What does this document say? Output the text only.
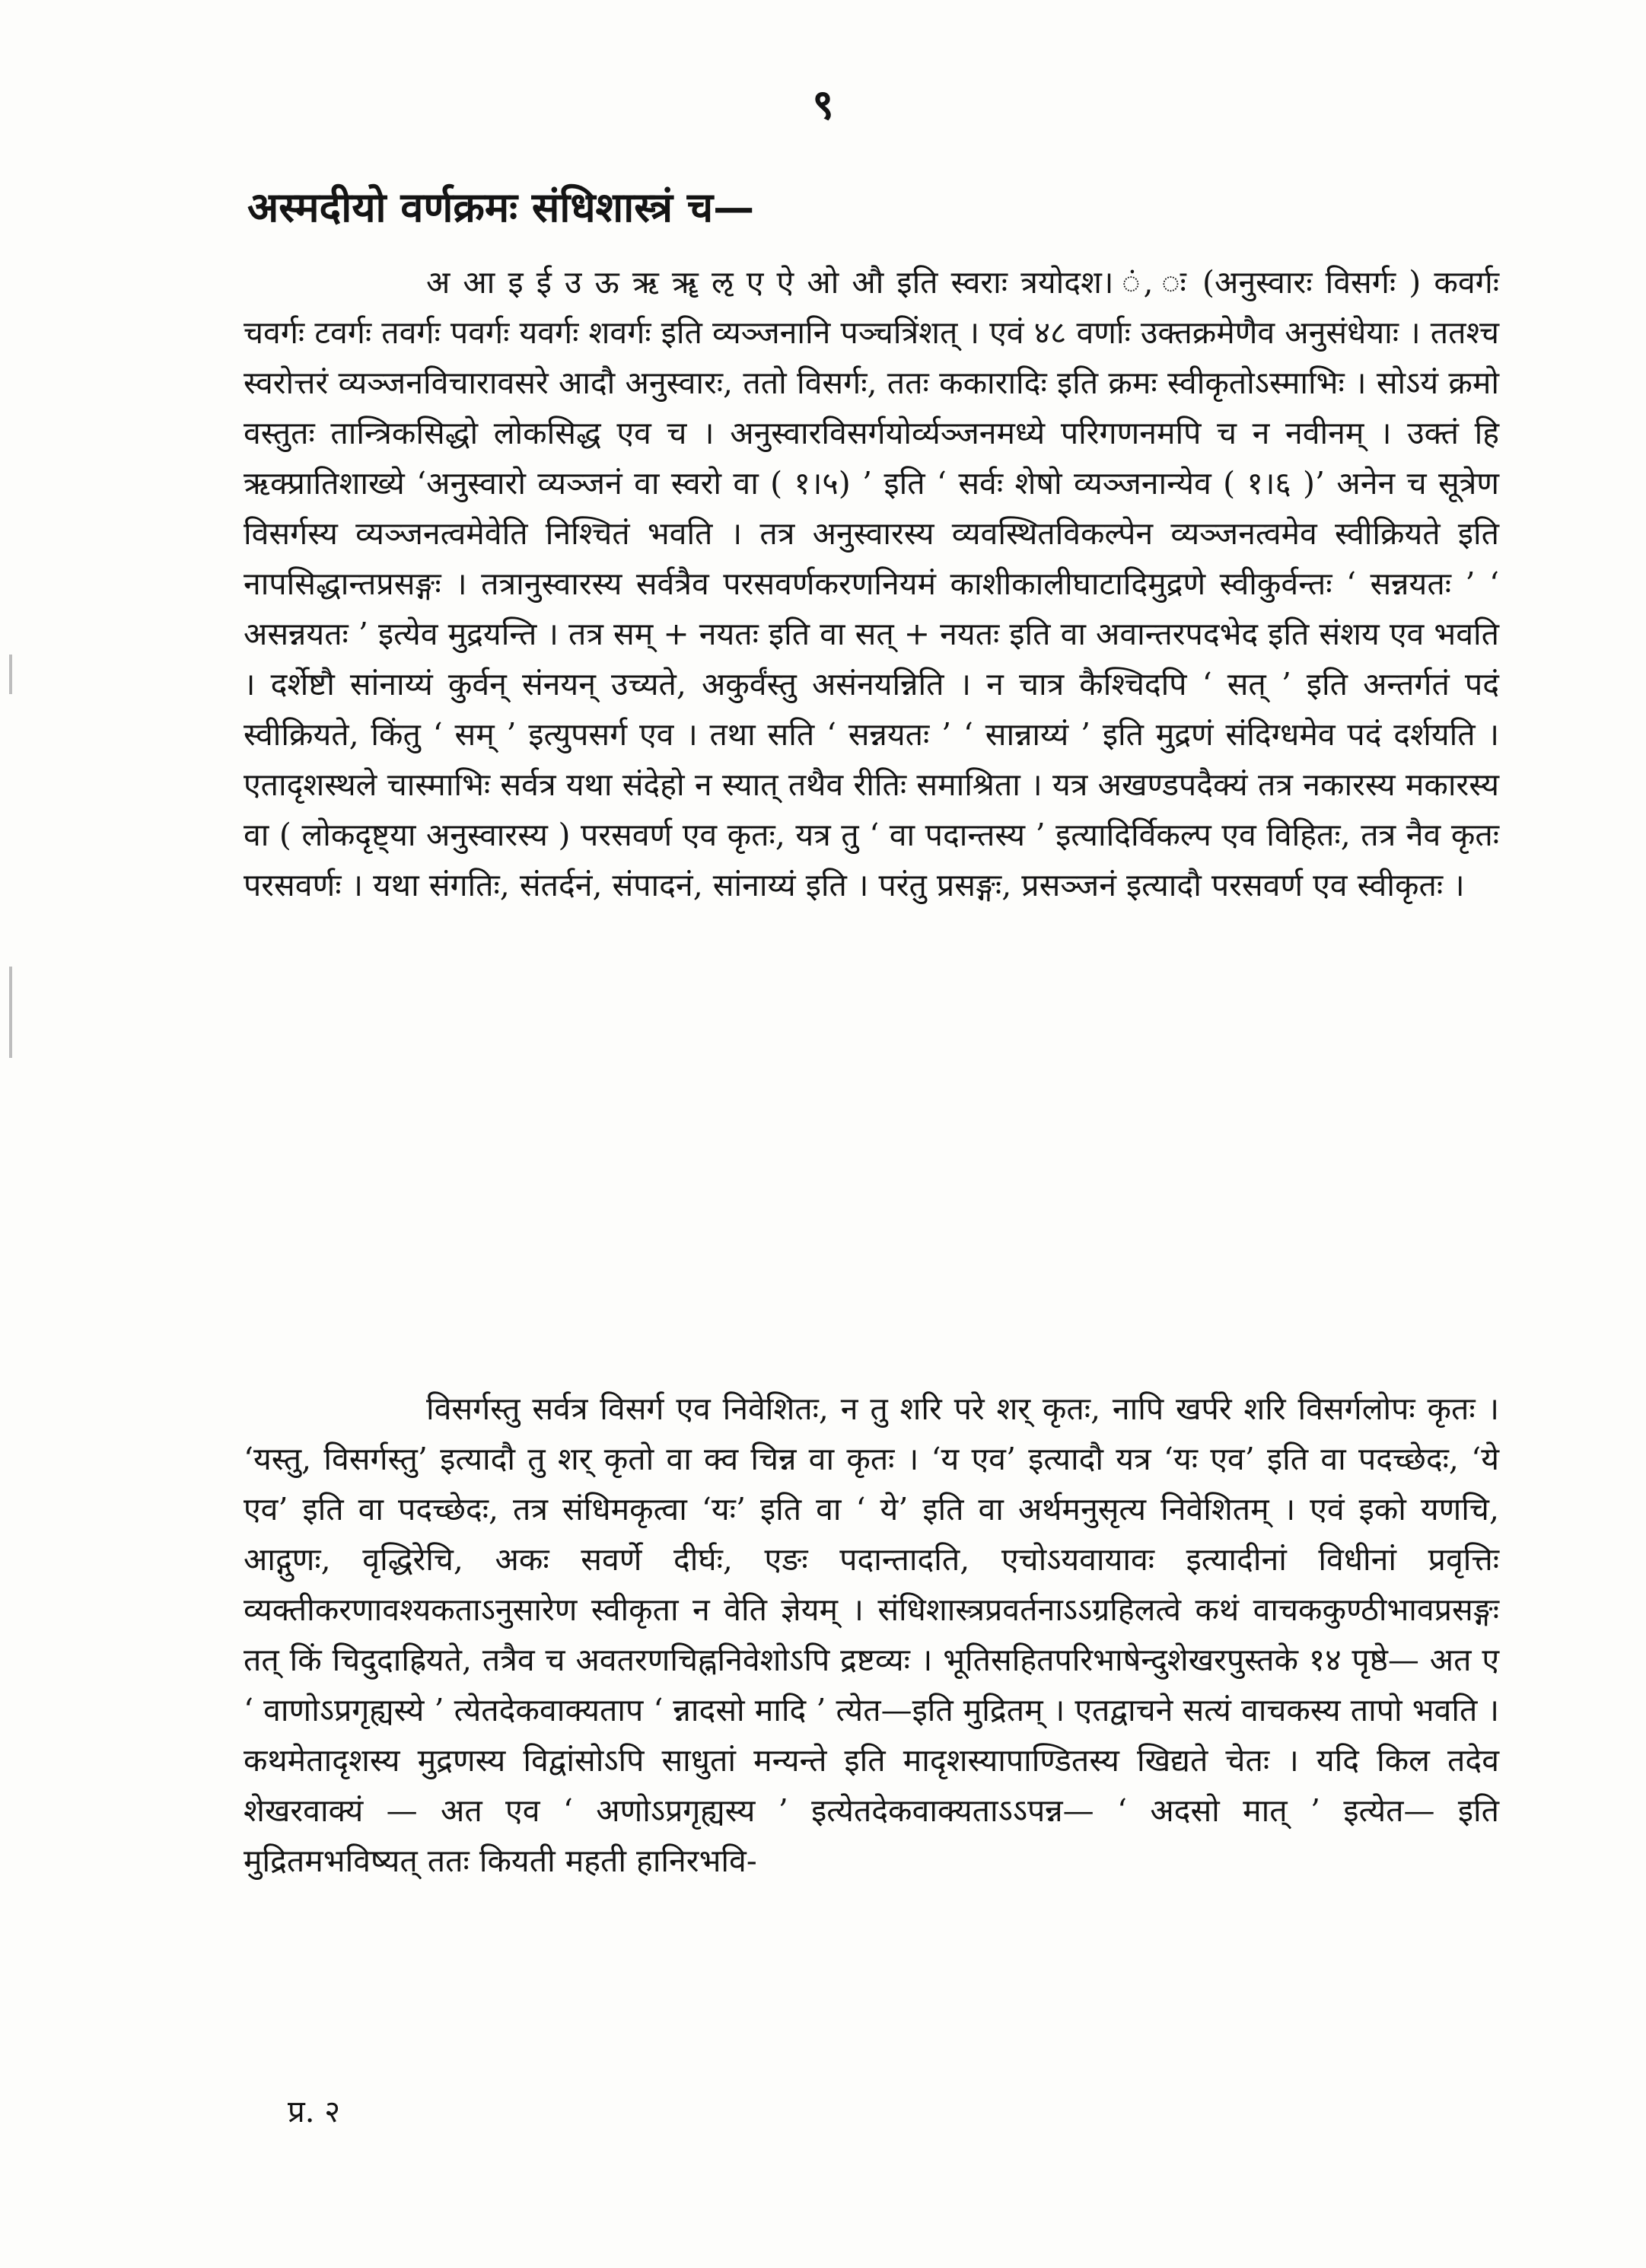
९
अस्मदीयो वर्णक्रमः संधिशास्त्रं च—

अ आ इ ई उ ऊ ऋ ॠ ऌ ए ऐ ओ औ इति स्वराः त्रयोदश। ं, ः (अनुस्वारः विसर्गः ) कवर्गः चवर्गः टवर्गः तवर्गः पवर्गः यवर्गः शवर्गः इति व्यञ्जनानि पञ्चत्रिंशत् । एवं ४८ वर्णाः उक्तक्रमेणैव अनुसंधेयाः । ततश्च स्वरोत्तरं व्यञ्जनविचारावसरे आदौ अनुस्वारः, ततो विसर्गः, ततः ककारादिः इति क्रमः स्वीकृतोऽस्माभिः । सोऽयं क्रमो वस्तुतः तान्त्रिकसिद्धो लोकसिद्ध एव च । अनुस्वारविसर्गयोर्व्यञ्जनमध्ये परिगणनमपि च न नवीनम् । उक्तं हि ऋक्प्रातिशाख्ये ‘अनुस्वारो व्यञ्जनं वा स्वरो वा ( १।५) ’ इति ‘ सर्वः शेषो व्यञ्जनान्येव ( १।६ )’ अनेन च सूत्रेण विसर्गस्य व्यञ्जनत्वमेवेति निश्चितं भवति । तत्र अनुस्वारस्य व्यवस्थितविकल्पेन व्यञ्जनत्वमेव स्वीक्रियते इति नापसिद्धान्तप्रसङ्गः । तत्रानुस्वारस्य सर्वत्रैव परसवर्णकरणनियमं काशीकालीघाटादिमुद्रणे स्वीकुर्वन्तः ‘ सन्नयतः ’ ‘ असन्नयतः ’ इत्येव मुद्रयन्ति । तत्र सम् + नयतः इति वा सत् + नयतः इति वा अवान्तरपदभेद इति संशय एव भवति । दर्शेष्टौ सांनाय्यं कुर्वन् संनयन् उच्यते, अकुर्वंस्तु असंनयन्निति । न चात्र कैश्चिदपि ‘ सत् ’ इति अन्तर्गतं पदं स्वीक्रियते, किंतु ‘ सम् ’ इत्युपसर्ग एव । तथा सति ‘ सन्नयतः ’ ‘ सान्नाय्यं ’ इति मुद्रणं संदिग्धमेव पदं दर्शयति । एतादृशस्थले चास्माभिः सर्वत्र यथा संदेहो न स्यात् तथैव रीतिः समाश्रिता । यत्र अखण्डपदैक्यं तत्र नकारस्य मकारस्य वा ( लोकदृष्ट्या अनुस्वारस्य ) परसवर्ण एव कृतः, यत्र तु ‘ वा पदान्तस्य ’ इत्यादिर्विकल्प एव विहितः, तत्र नैव कृतः परसवर्णः । यथा संगतिः, संतर्दनं, संपादनं, सांनाय्यं इति । परंतु प्रसङ्गः, प्रसञ्जनं इत्यादौ परसवर्ण एव स्वीकृतः ।

विसर्गस्तु सर्वत्र विसर्ग एव निवेशितः, न तु शरि परे शर् कृतः, नापि खर्परे शरि विसर्गलोपः कृतः । ‘यस्तु, विसर्गस्तु’ इत्यादौ तु शर् कृतो वा क्व चिन्न वा कृतः । ‘य एव’ इत्यादौ यत्र ‘यः एव’ इति वा पदच्छेदः, ‘ये एव’ इति वा पदच्छेदः, तत्र संधिमकृत्वा ‘यः’ इति वा ‘ ये’ इति वा अर्थमनुसृत्य निवेशितम् । एवं इको यणचि, आद्गुणः, वृद्धिरेचि, अकः सवर्णे दीर्घः, एङः पदान्तादति, एचोऽयवायावः इत्यादीनां विधीनां प्रवृत्तिः व्यक्तीकरणावश्यकताऽनुसारेण स्वीकृता न वेति ज्ञेयम् । संधिशास्त्रप्रवर्तनाऽऽग्रहिलत्वे कथं वाचककुण्ठीभावप्रसङ्गः तत् किं चिदुदाह्रियते, तत्रैव च अवतरणचिह्ननिवेशोऽपि द्रष्टव्यः । भूतिसहितपरिभाषेन्दुशेखरपुस्तके १४ पृष्ठे— अत ए ‘ वाणोऽप्रगृह्यस्ये ’ त्येतदेकवाक्यताप ‘ न्नादसो मादि ’ त्येत—इति मुद्रितम् । एतद्वाचने सत्यं वाचकस्य तापो भवति । कथमेतादृशस्य मुद्रणस्य विद्वांसोऽपि साधुतां मन्यन्ते इति मादृशस्यापाण्डितस्य खिद्यते चेतः । यदि किल तदेव शेखरवाक्यं — अत एव ‘ अणोऽप्रगृह्यस्य ’ इत्येतदेकवाक्यताऽऽपन्न— ‘ अदसो मात् ’ इत्येत— इति मुद्रितमभविष्यत् ततः कियती महती हानिरभवि-

प्र. २
